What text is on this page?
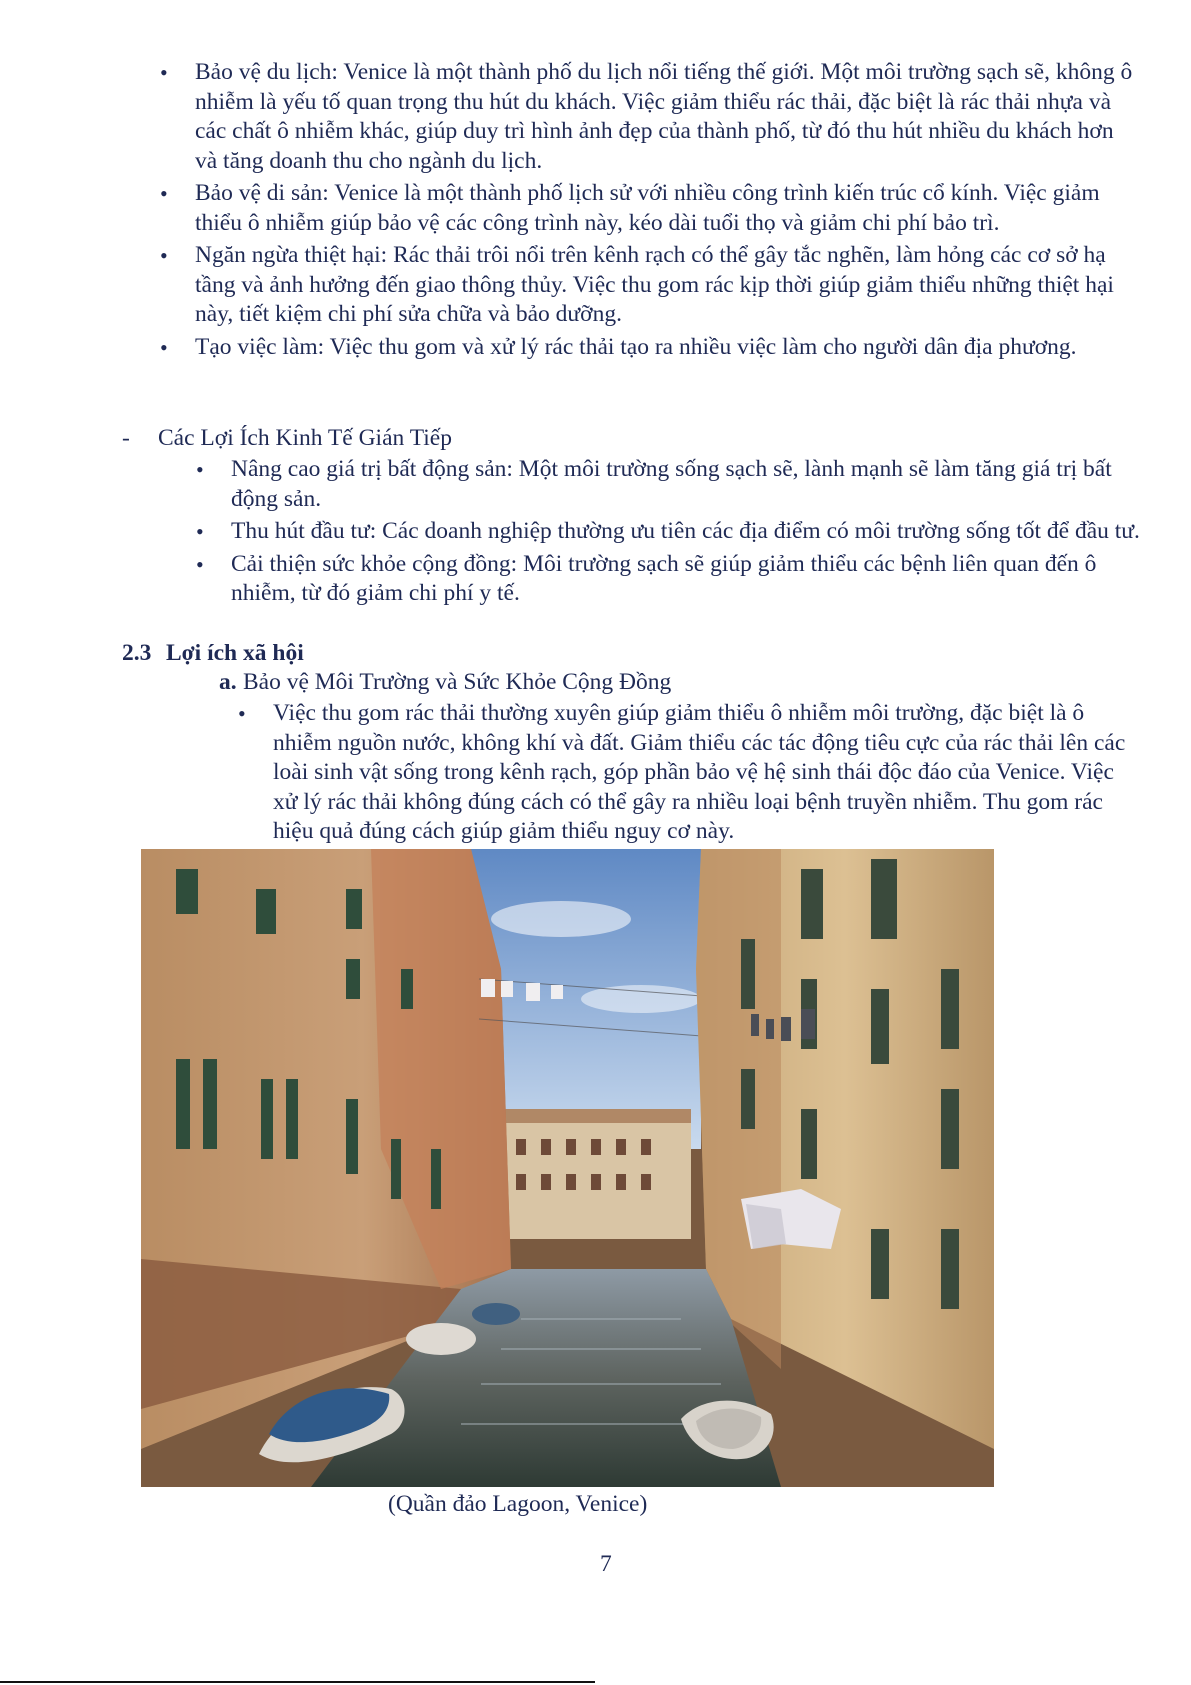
• Bảo vệ du lịch: Venice là một thành phố du lịch nổi tiếng thế giới. Một môi trường sạch sẽ, không ô nhiễm là yếu tố quan trọng thu hút du khách. Việc giảm thiểu rác thải, đặc biệt là rác thải nhựa và các chất ô nhiễm khác, giúp duy trì hình ảnh đẹp của thành phố, từ đó thu hút nhiều du khách hơn và tăng doanh thu cho ngành du lịch.
• Bảo vệ di sản: Venice là một thành phố lịch sử với nhiều công trình kiến trúc cổ kính. Việc giảm thiểu ô nhiễm giúp bảo vệ các công trình này, kéo dài tuổi thọ và giảm chi phí bảo trì.
• Ngăn ngừa thiệt hại: Rác thải trôi nổi trên kênh rạch có thể gây tắc nghẽn, làm hỏng các cơ sở hạ tầng và ảnh hưởng đến giao thông thủy. Việc thu gom rác kịp thời giúp giảm thiểu những thiệt hại này, tiết kiệm chi phí sửa chữa và bảo dưỡng.
• Tạo việc làm: Việc thu gom và xử lý rác thải tạo ra nhiều việc làm cho người dân địa phương.
- Các Lợi Ích Kinh Tế Gián Tiếp
• Nâng cao giá trị bất động sản: Một môi trường sống sạch sẽ, lành mạnh sẽ làm tăng giá trị bất động sản.
• Thu hút đầu tư: Các doanh nghiệp thường ưu tiên các địa điểm có môi trường sống tốt để đầu tư.
• Cải thiện sức khỏe cộng đồng: Môi trường sạch sẽ giúp giảm thiểu các bệnh liên quan đến ô nhiễm, từ đó giảm chi phí y tế.
2.3 Lợi ích xã hội
a. Bảo vệ Môi Trường và Sức Khỏe Cộng Đồng
• Việc thu gom rác thải thường xuyên giúp giảm thiểu ô nhiễm môi trường, đặc biệt là ô nhiễm nguồn nước, không khí và đất. Giảm thiểu các tác động tiêu cực của rác thải lên các loài sinh vật sống trong kênh rạch, góp phần bảo vệ hệ sinh thái độc đáo của Venice. Việc xử lý rác thải không đúng cách có thể gây ra nhiều loại bệnh truyền nhiễm. Thu gom rác hiệu quả đúng cách giúp giảm thiểu nguy cơ này.
(Quần đảo Lagoon, Venice)
7
